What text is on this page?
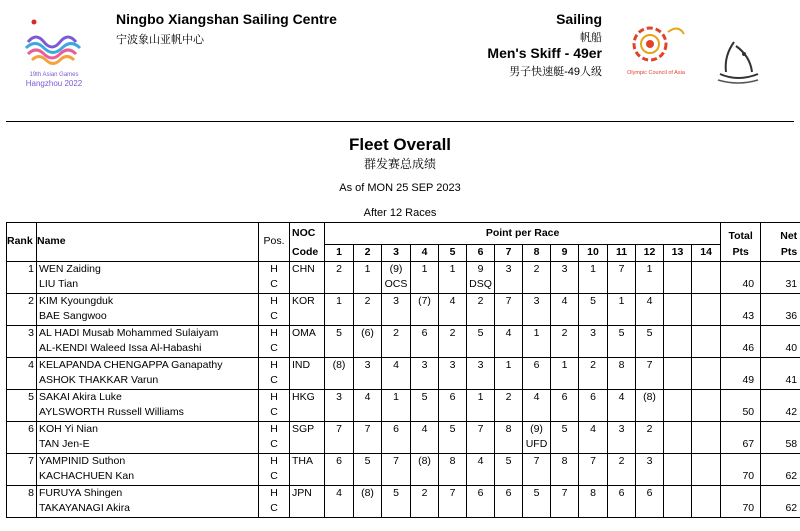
19th Asian Games
Hangzhou 2022
Ningbo Xiangshan Sailing Centre
宁波象山亚帆中心
Sailing
帆船
Men's Skiff - 49er
男子快速艇-49人级	Olympic Council of Asia
Fleet Overall
群发赛总成绩
As of MON 25 SEP 2023
After 12 Races
Rank	Name	Pos.	NOC	Point per Race														Total	Net
			Code	1	2	3	4	5	6	7	8	9	10	11	12	13	14	Pts	Pts
1	WEN Zaiding	H	CHN	2	1	(9)	1	1	9	3	2	3	1	7	1				
	LIU Tian	C				OCS			DSQ									40	31
2	KIM Kyoungduk	H	KOR	1	2	3	(7)	4	2	7	3	4	5	1	4				
	BAE Sangwoo	C																43	36
3	AL HADI Musab Mohammed Sulaiyam	H	OMA	5	(6)	2	6	2	5	4	1	2	3	5	5				
	AL-KENDI Waleed Issa Al-Habashi	C																46	40
4	KELAPANDA CHENGAPPA Ganapathy	H	IND	(8)	3	4	3	3	3	1	6	1	2	8	7				
	ASHOK THAKKAR Varun	C																49	41
5	SAKAI Akira Luke	H	HKG	3	4	1	5	6	1	2	4	6	6	4	(8)				
	AYLSWORTH Russell Williams	C																50	42
6	KOH Yi Nian	H	SGP	7	7	6	4	5	7	8	(9)	5	4	3	2				
	TAN Jen-E	C									UFD							67	58
7	YAMPINID Suthon	H	THA	6	5	7	(8)	8	4	5	7	8	7	2	3				
	KACHACHUEN Kan	C																70	62
8	FURUYA Shingen	H	JPN	4	(8)	5	2	7	6	6	5	7	8	6	6				
	TAKAYANAGI Akira	C																70	62
